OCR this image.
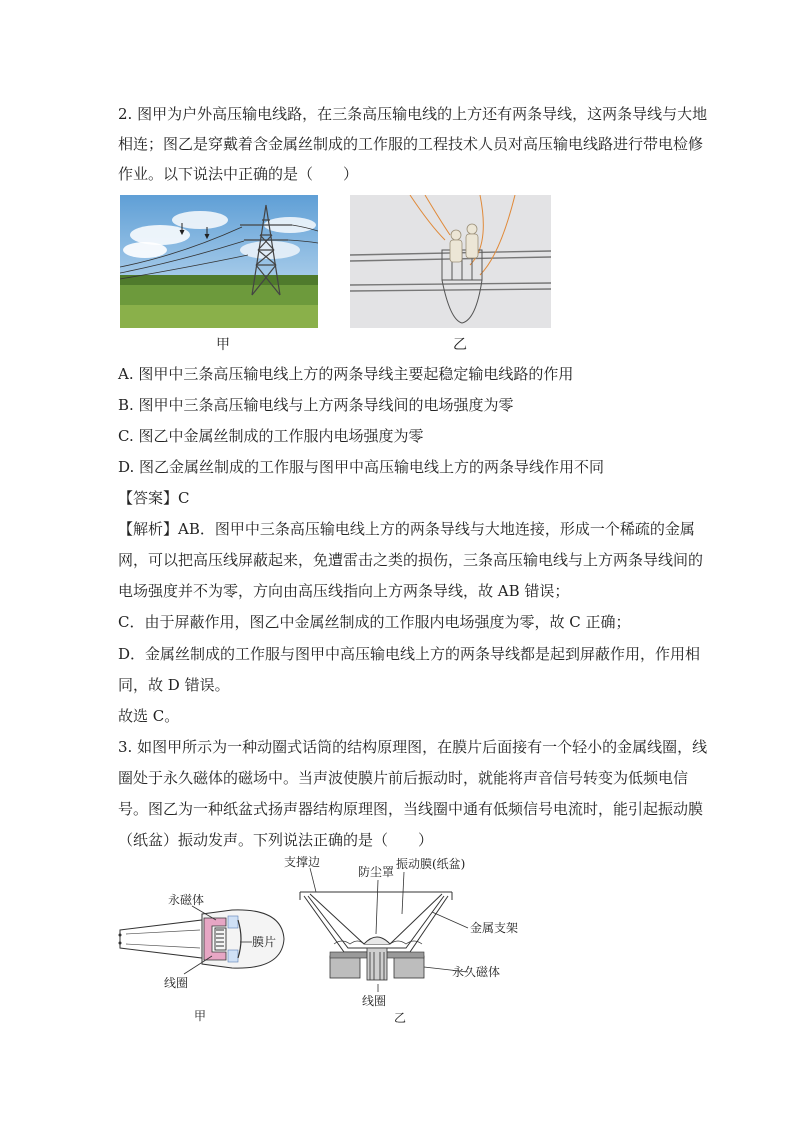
2. 图甲为户外高压输电线路，在三条高压输电线的上方还有两条导线，这两条导线与大地
相连；图乙是穿戴着含金属丝制成的工作服的工程技术人员对高压输电线路进行带电检修
作业。以下说法中正确的是（　　）
甲	乙
A. 图甲中三条高压输电线上方的两条导线主要起稳定输电线路的作用
B. 图甲中三条高压输电线与上方两条导线间的电场强度为零
C. 图乙中金属丝制成的工作服内电场强度为零
D. 图乙金属丝制成的工作服与图甲中高压输电线上方的两条导线作用不同
【答案】C
【解析】AB．图甲中三条高压输电线上方的两条导线与大地连接，形成一个稀疏的金属
网，可以把高压线屏蔽起来，免遭雷击之类的损伤，三条高压输电线与上方两条导线间的
电场强度并不为零，方向由高压线指向上方两条导线，故 AB 错误；
C．由于屏蔽作用，图乙中金属丝制成的工作服内电场强度为零，故 C 正确；
D．金属丝制成的工作服与图甲中高压输电线上方的两条导线都是起到屏蔽作用，作用相
同，故 D 错误。
故选 C。
3. 如图甲所示为一种动圈式话筒的结构原理图，在膜片后面接有一个轻小的金属线圈，线
圈处于永久磁体的磁场中。当声波使膜片前后振动时，就能将声音信号转变为低频电信
号。图乙为一种纸盆式扬声器结构原理图，当线圈中通有低频信号电流时，能引起振动膜
（纸盆）振动发声。下列说法正确的是（　　）
永磁体
膜片
线圈
甲
支撑边
防尘罩
振动膜(纸盆)
金属支架
永久磁体
线圈
乙
